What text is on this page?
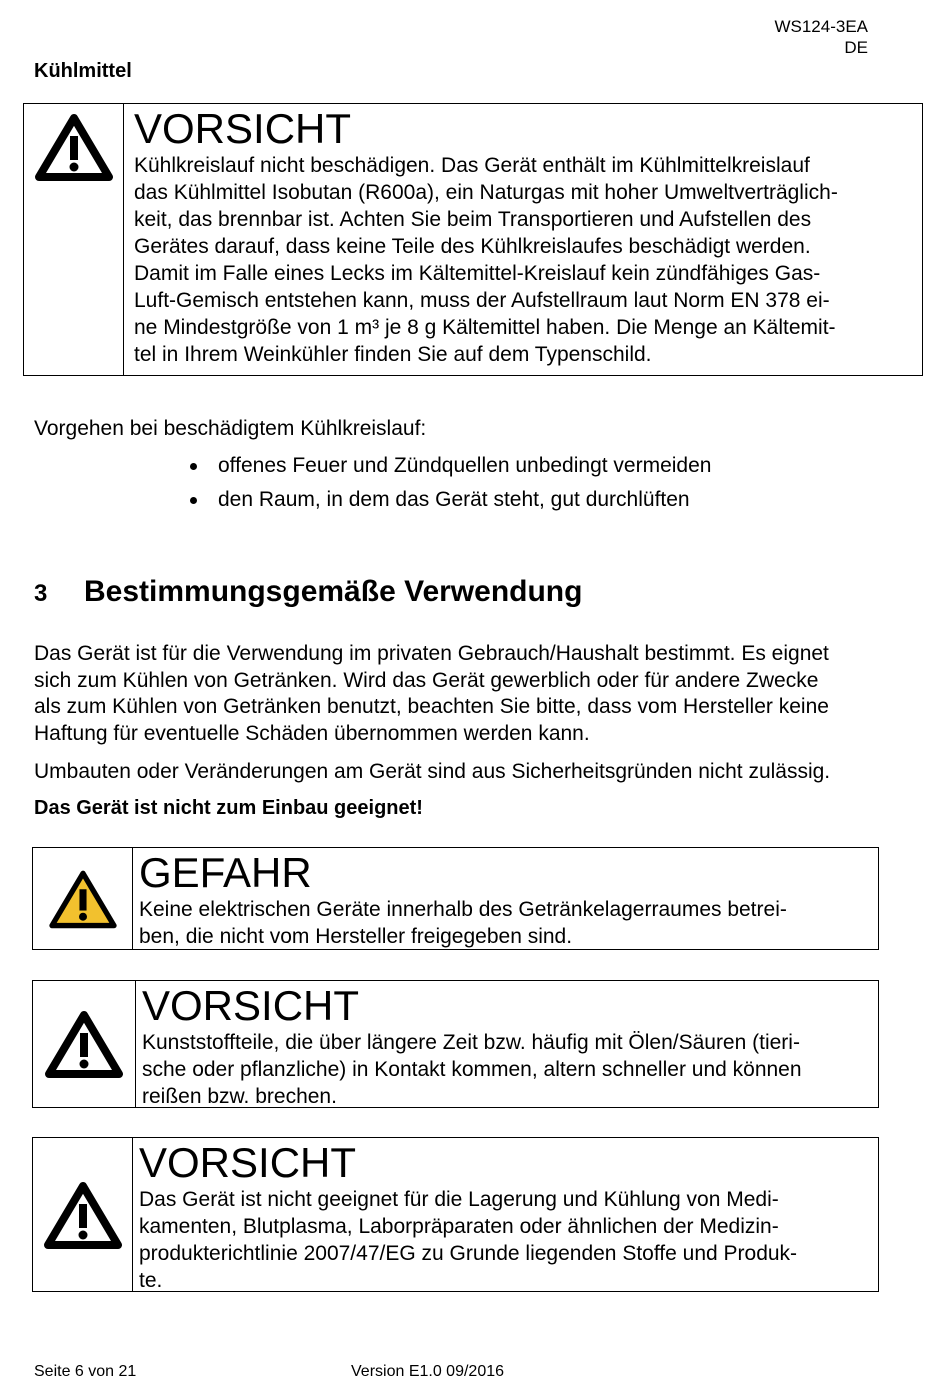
WS124-3EA
DE
Kühlmittel
VORSICHT

Kühlkreislauf nicht beschädigen. Das Gerät enthält im Kühlmittelkreislauf
das Kühlmittel Isobutan (R600a), ein Naturgas mit hoher Umweltverträglich-
keit, das brennbar ist. Achten Sie beim Transportieren und Aufstellen des
Gerätes darauf, dass keine Teile des Kühlkreislaufes beschädigt werden.
Damit im Falle eines Lecks im Kältemittel-Kreislauf kein zündfähiges Gas-
Luft-Gemisch entstehen kann, muss der Aufstellraum laut Norm EN 378 ei-
ne Mindestgröße von 1 m³ je 8 g Kältemittel haben. Die Menge an Kältemit-
tel in Ihrem Weinkühler finden Sie auf dem Typenschild.

Vorgehen bei beschädigtem Kühlkreislauf:

offenes Feuer und Zündquellen unbedingt vermeiden
den Raum, in dem das Gerät steht, gut durchlüften
3 Bestimmungsgemäße Verwendung

Das Gerät ist für die Verwendung im privaten Gebrauch/Haushalt bestimmt. Es eignet
sich zum Kühlen von Getränken. Wird das Gerät gewerblich oder für andere Zwecke
als zum Kühlen von Getränken benutzt, beachten Sie bitte, dass vom Hersteller keine
Haftung für eventuelle Schäden übernommen werden kann.

Umbauten oder Veränderungen am Gerät sind aus Sicherheitsgründen nicht zulässig.

Das Gerät ist nicht zum Einbau geeignet!

GEFAHR

Keine elektrischen Geräte innerhalb des Getränkelagerraumes betrei-
ben, die nicht vom Hersteller freigegeben sind.

VORSICHT

Kunststoffteile, die über längere Zeit bzw. häufig mit Ölen/Säuren (tieri-
sche oder pflanzliche) in Kontakt kommen, altern schneller und können
reißen bzw. brechen.

VORSICHT

Das Gerät ist nicht geeignet für die Lagerung und Kühlung von Medi-
kamenten, Blutplasma, Laborpräparaten oder ähnlichen der Medizin-
produkterichtlinie 2007/47/EG zu Grunde liegenden Stoffe und Produk-
te.

Seite 6 von 21	Version E1.0 09/2016
